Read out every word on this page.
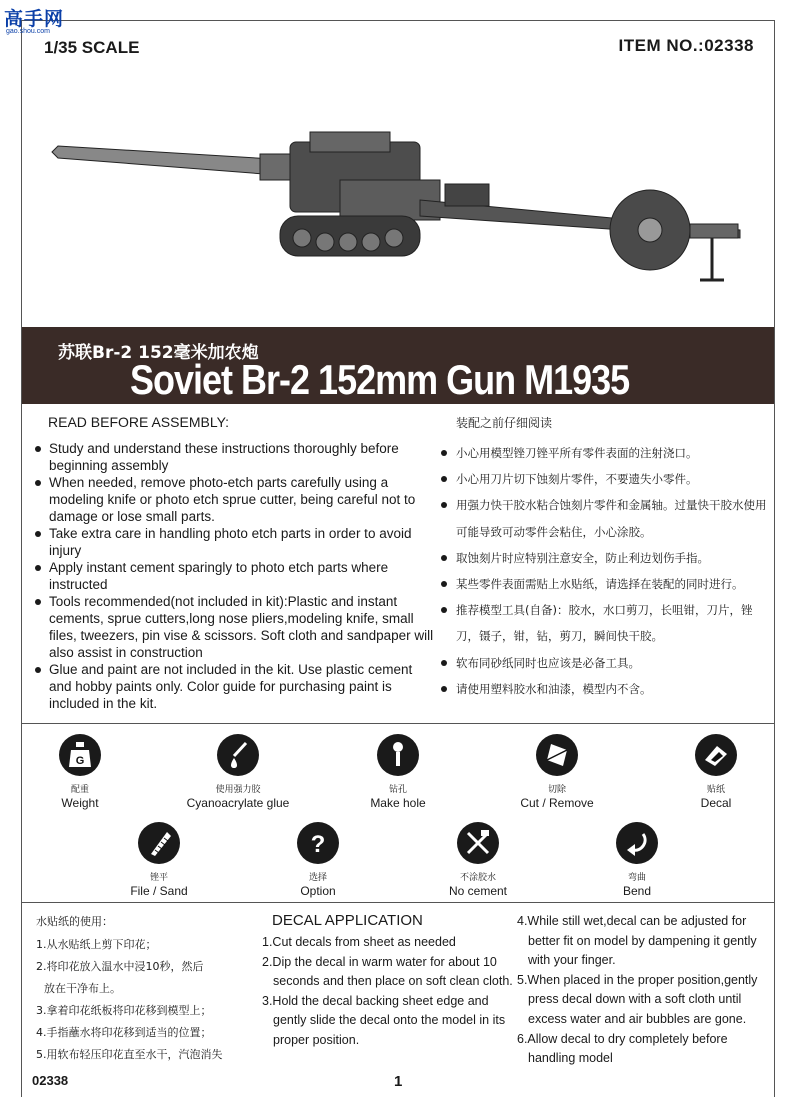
高手网
gao.shou.com
1/35 SCALE	ITEM NO.:02338
苏联Br-2 152毫米加农炮
Soviet Br-2 152mm Gun M1935
READ BEFORE ASSEMBLY:
Study and understand these instructions thoroughly before beginning assembly
When needed, remove photo-etch parts carefully using a modeling knife or photo etch sprue cutter, being careful not to damage or lose small parts.
Take extra care in handling photo etch parts in order to avoid injury
Apply instant cement sparingly to photo etch parts where instructed
Tools recommended(not included in kit):Plastic and instant cements, sprue cutters,long nose pliers,modeling knife, small files, tweezers, pin vise & scissors. Soft cloth and sandpaper will also assist in construction
Glue and paint are not included in the kit. Use plastic cement and hobby paints only. Color guide for purchasing paint is included in the kit.
装配之前仔细阅读
小心用模型锉刀锉平所有零件表面的注射浇口。
小心用刀片切下蚀刻片零件，不要遗失小零件。
用强力快干胶水粘合蚀刻片零件和金属轴。过量快干胶水使用可能导致可动零件会粘住，小心涂胶。
取蚀刻片时应特别注意安全，防止利边划伤手指。
某些零件表面需贴上水贴纸，请选择在装配的同时进行。
推荐模型工具(自备)：胶水，水口剪刀，长咀钳，刀片，锉刀，镊子，钳，钻，剪刀，瞬间快干胶。
软布同砂纸同时也应该是必备工具。
请使用塑料胶水和油漆，模型内不含。
G
配重
Weight
使用强力胶
Cyanoacrylate glue
钻孔
Make hole
切除
Cut / Remove
贴纸
Decal
锉平
File / Sand
?
选择
Option
不涂胶水
No cement
弯曲
Bend
水贴纸的使用：
1.从水贴纸上剪下印花；
2.将印花放入温水中浸10秒，然后
放在干净布上。
3.拿着印花纸板将印花移到模型上；
4.手指蘸水将印花移到适当的位置；
5.用软布轻压印花直至水干，汽泡消失
DECAL APPLICATION
1.Cut decals from sheet as needed
2.Dip the decal in warm water for about 10
seconds and then place on soft clean cloth.
3.Hold the decal backing sheet edge and
gently slide the decal onto the model in its
proper position.
4.While still wet,decal can be adjusted for
better fit on model by dampening it gently
with your finger.
5.When placed in the proper position,gently
press decal down with a soft cloth until
excess water and air bubbles are gone.
6.Allow decal to dry completely before
handling model
02338	1
